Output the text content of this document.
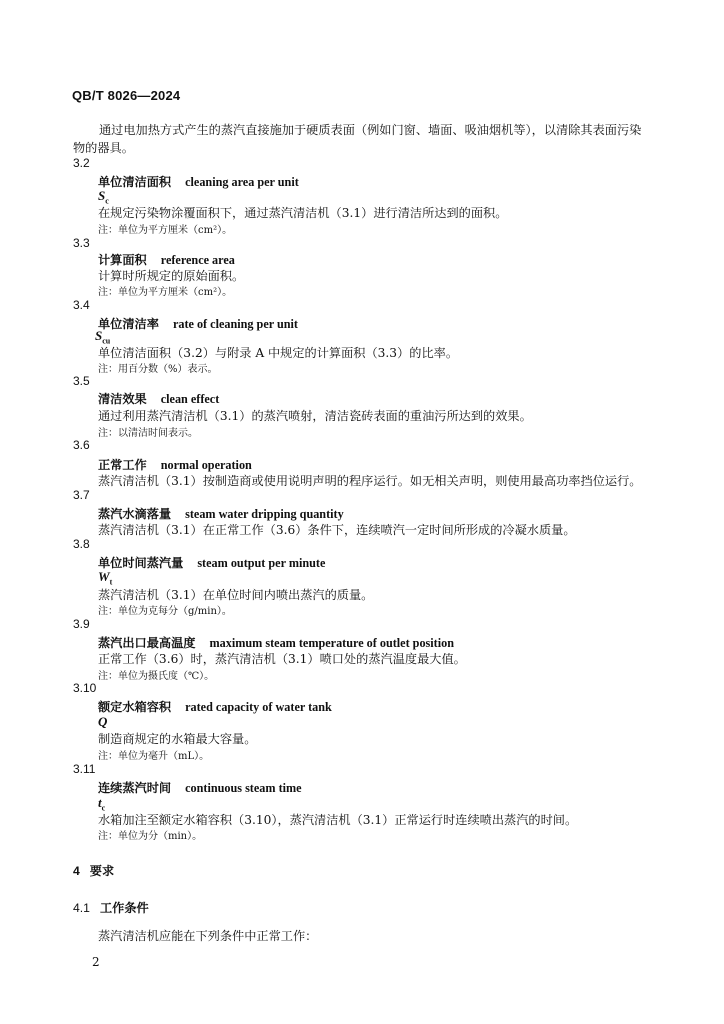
QB/T 8026—2024
通过电加热方式产生的蒸汽直接施加于硬质表面（例如门窗、墙面、吸油烟机等），以清除其表面污染物的器具。
3.2
单位清洁面积 cleaning area per unit
$S_c$
在规定污染物涂覆面积下，通过蒸汽清洁机（3.1）进行清洁所达到的面积。
注：单位为平方厘米（cm²）。
3.3
计算面积 reference area
计算时所规定的原始面积。
注：单位为平方厘米（cm²）。
3.4
单位清洁率 rate of cleaning per unit
$S_{cu}$
单位清洁面积（3.2）与附录 A 中规定的计算面积（3.3）的比率。
注：用百分数（%）表示。
3.5
清洁效果 clean effect
通过利用蒸汽清洁机（3.1）的蒸汽喷射，清洁瓷砖表面的重油污所达到的效果。
注：以清洁时间表示。
3.6
正常工作 normal operation
蒸汽清洁机（3.1）按制造商或使用说明声明的程序运行。如无相关声明，则使用最高功率挡位运行。
3.7
蒸汽水滴落量 steam water dripping quantity
蒸汽清洁机（3.1）在正常工作（3.6）条件下，连续喷汽一定时间所形成的冷凝水质量。
3.8
单位时间蒸汽量 steam output per minute
$W_t$
蒸汽清洁机（3.1）在单位时间内喷出蒸汽的质量。
注：单位为克每分（g/min）。
3.9
蒸汽出口最高温度 maximum steam temperature of outlet position
正常工作（3.6）时，蒸汽清洁机（3.1）喷口处的蒸汽温度最大值。
注：单位为摄氏度（℃）。
3.10
额定水箱容积 rated capacity of water tank
Q
制造商规定的水箱最大容量。
注：单位为毫升（mL）。
3.11
连续蒸汽时间 continuous steam time
$t_c$
水箱加注至额定水箱容积（3.10），蒸汽清洁机（3.1）正常运行时连续喷出蒸汽的时间。
注：单位为分（min）。
4 要求
4.1 工作条件
蒸汽清洁机应能在下列条件中正常工作：
2
